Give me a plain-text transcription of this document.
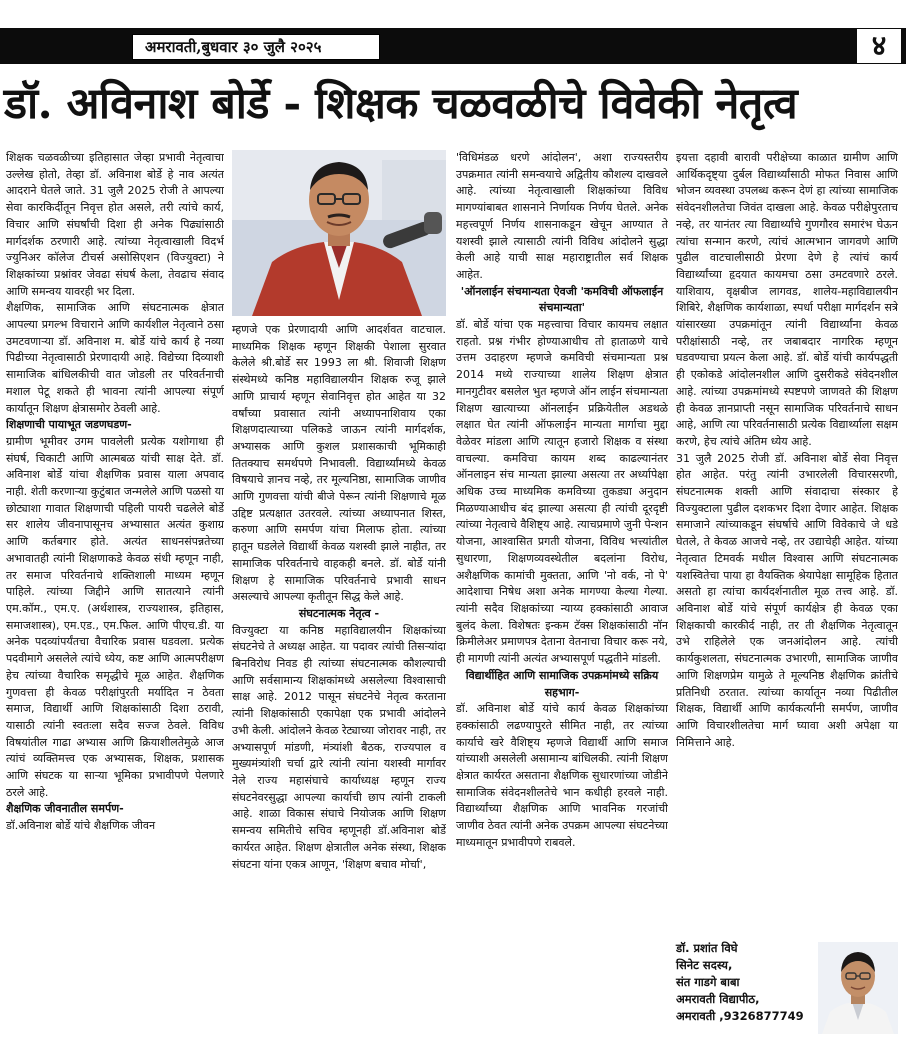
अमरावती,बुधवार ३० जुलै २०२५	४
डॉ. अविनाश बोर्डे - शिक्षक चळवळीचे विवेकी नेतृत्व

शिक्षक चळवळीच्या इतिहासात जेव्हा प्रभावी नेतृत्वाचा उल्लेख होतो, तेव्हा डॉ. अविनाश बोर्डे हे नाव अत्यंत आदराने घेतले जाते. 31 जुलै 2025 रोजी ते आपल्या सेवा कारकिर्दीतून निवृत्त होत असले, तरी त्यांचे कार्य, विचार आणि संघर्षांची दिशा ही अनेक पिढ्यांसाठी मार्गदर्शक ठरणारी आहे. त्यांच्या नेतृत्वाखाली विदर्भ ज्युनिअर कॉलेज टीचर्स असोसिएशन (विज्युक्टा) ने शिक्षकांच्या प्रश्नांवर जेवढा संघर्ष केला, तेवढाच संवाद आणि समन्वय यावरही भर दिला.

शैक्षणिक, सामाजिक आणि संघटनात्मक क्षेत्रात आपल्या प्रगल्भ विचाराने आणि कार्यशील नेतृत्वाने ठसा उमटवणाऱ्या डॉ. अविनाश म. बोर्डे यांचे कार्य हे नव्या पिढीच्या नेतृत्वासाठी प्रेरणादायी आहे. विद्येच्या दिव्याशी सामाजिक बांधिलकीची वात जोडली तर परिवर्तनाची मशाल पेटू शकते ही भावना त्यांनी आपल्या संपूर्ण कार्यातून शिक्षण क्षेत्रासमोर ठेवली आहे.

शिक्षणाची पायाभूत जडणघडण-

ग्रामीण भूमीवर उगम पावलेली प्रत्येक यशोगाथा ही संघर्ष, चिकाटी आणि आत्मबळ यांची साक्ष देते. डॉ. अविनाश बोर्डे यांचा शैक्षणिक प्रवास याला अपवाद नाही. शेती करणाऱ्या कुटुंबात जन्मलेले आणि पळसो या छोट्याशा गावात शिक्षणाची पहिली पायरी चढलेले बोर्डे सर शालेय जीवनापासूनच अभ्यासात अत्यंत कुशाग्र आणि कर्तबगार होते. अत्यंत साधनसंपन्नतेच्या अभावातही त्यांनी शिक्षणाकडे केवळ संधी म्हणून नाही, तर समाज परिवर्तनाचे शक्तिशाली माध्यम म्हणून पाहिले. त्यांच्या जिद्दीने आणि सातत्याने त्यांनी एम.कॉम., एम.ए. (अर्थशास्त्र, राज्यशास्त्र, इतिहास, समाजशास्त्र), एम.एड., एम.फिल. आणि पीएच.डी. या अनेक पदव्यांपर्यंतचा वैचारिक प्रवास घडवला. प्रत्येक पदवीमागे असलेले त्यांचे ध्येय, कष्ट आणि आत्मपरीक्षण हेच त्यांच्या वैचारिक समृद्धीचे मूळ आहेत. शैक्षणिक गुणवत्ता ही केवळ परीक्षांपुरती मर्यादित न ठेवता समाज, विद्यार्थी आणि शिक्षकांसाठी दिशा ठरावी, यासाठी त्यांनी स्वतःला सदैव सज्ज ठेवले. विविध विषयांतील गाढा अभ्यास आणि क्रियाशीलतेमुळे आज त्यांचं व्यक्तिमत्त्व एक अभ्यासक, शिक्षक, प्रशासक आणि संघटक या साऱ्या भूमिका प्रभावीपणे पेलणारे ठरले आहे.

शैक्षणिक जीवनातील समर्पण-

डॉ.अविनाश बोर्डे यांचे शैक्षणिक जीवन

म्हणजे एक प्रेरणादायी आणि आदर्शवत वाटचाल. माध्यमिक शिक्षक म्हणून शिक्षकी पेशाला सुरवात केलेले श्री.बोर्डे सर 1993 ला श्री. शिवाजी शिक्षण संस्थेमध्ये कनिष्ठ महाविद्यालयीन शिक्षक रुजू झाले आणि प्राचार्य म्हणून सेवानिवृत्त होत आहेत या 32 वर्षांच्या प्रवासात त्यांनी अध्यापनाशिवाय एका शिक्षणदात्याच्या पलिकडे जाऊन त्यांनी मार्गदर्शक, अभ्यासक आणि कुशल प्रशासकाची भूमिकाही तितक्याच समर्थपणे निभावली. विद्यार्थ्यांमध्ये केवळ विषयाचे ज्ञानच नव्हे, तर मूल्यनिष्ठा, सामाजिक जाणीव आणि गुणवत्ता यांची बीजे पेरून त्यांनी शिक्षणाचे मूळ उद्दिष्ट प्रत्यक्षात उतरवले. त्यांच्या अध्यापनात शिस्त, करुणा आणि समर्पण यांचा मिलाफ होता. त्यांच्या हातून घडलेले विद्यार्थी केवळ यशस्वी झाले नाहीत, तर सामाजिक परिवर्तनाचे वाहकही बनले. डॉ. बोर्डे यांनी शिक्षण हे सामाजिक परिवर्तनाचे प्रभावी साधन असल्याचे आपल्या कृतीतून सिद्ध केले आहे.

संघटनात्मक नेतृत्व -

विज्युक्टा या कनिष्ठ महाविद्यालयीन शिक्षकांच्या संघटनेचे ते अध्यक्ष आहेत. या पदावर त्यांची तिसऱ्यांदा बिनविरोध निवड ही त्यांच्या संघटनात्मक कौशल्याची आणि सर्वसामान्य शिक्षकांमध्ये असलेल्या विश्वासाची साक्ष आहे. 2012 पासून संघटनेचे नेतृत्व करताना त्यांनी शिक्षकांसाठी एकापेक्षा एक प्रभावी आंदोलने उभी केली. आंदोलने केवळ रेट्याच्या जोरावर नाही, तर अभ्यासपूर्ण मांडणी, मंत्र्यांशी बैठक, राज्यपाल व मुख्यमंत्र्यांशी चर्चा द्वारे त्यांनी त्यांना यशस्वी मार्गावर नेले राज्य महासंघाचे कार्याध्यक्ष म्हणून राज्य संघटनेवरसुद्धा आपल्या कार्याची छाप त्यांनी टाकली आहे. शाळा विकास संघाचे नियोजक आणि शिक्षण समन्वय समितीचे सचिव म्हणूनही डॉ.अविनाश बोर्डे कार्यरत आहेत. शिक्षण क्षेत्रातील अनेक संस्था, शिक्षक संघटना यांना एकत्र आणून, 'शिक्षण बचाव मोर्चा',

'विधिमंडळ धरणे आंदोलन', अशा राज्यस्तरीय उपक्रमात त्यांनी समन्वयाचे अद्वितीय कौशल्य दाखवले आहे. त्यांच्या नेतृत्वाखाली शिक्षकांच्या विविध मागण्यांबाबत शासनाने निर्णायक निर्णय घेतले. अनेक महत्त्वपूर्ण निर्णय शासनाकडून खेचून आण्यात ते यशस्वी झाले त्यासाठी त्यांनी विविध आंदोलने सुद्धा केली आहे याची साक्ष महाराष्ट्रातील सर्व शिक्षक आहेत.

'ऑनलाईन संचमान्यता ऐवजी 'कमविची ऑफलाईन संचमान्यता'

डॉ. बोर्डे यांचा एक महत्त्वाचा विचार कायमच लक्षात राहतो. प्रश्न गंभीर होण्याआधीच तो हाताळणे याचे उत्तम उदाहरण म्हणजे कमविची संचमान्यता प्रश्न 2014 मध्ये राज्याच्या शालेय शिक्षण क्षेत्रात मानगुटीवर बसलेल भुत म्हणजे ऑन लाईन संचमान्यता शिक्षण खात्याच्या ऑनलाईन प्रक्रियेतील अडथळे लक्षात घेत त्यांनी ऑफलाईन मान्यता मार्गाचा मुद्दा वेळेवर मांडला आणि त्यातून हजारो शिक्षक व संस्था वाचल्या. कमविचा कायम शब्द काढल्यानंतर ऑनलाइन संच मान्यता झाल्या असत्या तर अर्ध्यापेक्षा अधिक उच्च माध्यमिक कमविच्या तुकड्या अनुदान मिळण्याआधीच बंद झाल्या असत्या ही त्यांची दूरदृष्टी त्यांच्या नेतृत्वाचे वैशिष्ट्य आहे. त्याचप्रमाणे जुनी पेन्शन योजना, आश्वासित प्रगती योजना, विविध भत्त्यांतील सुधारणा, शिक्षणव्यवस्थेतील बदलांना विरोध, अशैक्षणिक कामांची मुक्तता, आणि 'नो वर्क, नो पे' आदेशाचा निषेध अशा अनेक मागण्या केल्या गेल्या. त्यांनी सदैव शिक्षकांच्या न्याय्य हक्कांसाठी आवाज बुलंद केला. विशेषतः इन्कम टॅक्स शिक्षकांसाठी नॉन क्रिमीलेअर प्रमाणपत्र देताना वेतनाचा विचार करू नये, ही मागणी त्यांनी अत्यंत अभ्यासपूर्ण पद्धतीने मांडली.

विद्यार्थीहित आणि सामाजिक उपक्रमांमध्ये सक्रिय सहभाग-

डॉ. अविनाश बोर्डे यांचे कार्य केवळ शिक्षकांच्या हक्कांसाठी लढण्यापुरते सीमित नाही, तर त्यांच्या कार्याचे खरे वैशिष्ट्य म्हणजे विद्यार्थी आणि समाज यांच्याशी असलेली असामान्य बांधिलकी. त्यांनी शिक्षण क्षेत्रात कार्यरत असताना शैक्षणिक सुधारणांच्या जोडीने सामाजिक संवेदनशीलतेचे भान कधीही हरवले नाही. विद्यार्थ्यांच्या शैक्षणिक आणि भावनिक गरजांची जाणीव ठेवत त्यांनी अनेक उपक्रम आपल्या संघटनेच्या माध्यमातून प्रभावीपणे राबवले.

इयत्ता दहावी बारावी परीक्षेच्या काळात ग्रामीण आणि आर्थिकदृष्ट्या दुर्बल विद्यार्थ्यांसाठी मोफत निवास आणि भोजन व्यवस्था उपलब्ध करून देणं हा त्यांच्या सामाजिक संवेदनशीलतेचा जिवंत दाखला आहे. केवळ परीक्षेपुरताच नव्हे, तर यानंतर त्या विद्यार्थ्यांचे गुणगौरव समारंभ घेऊन त्यांचा सन्मान करणे, त्यांचं आत्मभान जागवणे आणि पुढील वाटचालीसाठी प्रेरणा देणे हे त्यांचं कार्य विद्यार्थ्यांच्या हृदयात कायमचा ठसा उमटवणारे ठरले. याशिवाय, वृक्षबीज लागवड, शालेय-महाविद्यालयीन शिबिरे, शैक्षणिक कार्यशाळा, स्पर्धा परीक्षा मार्गदर्शन सत्रे यांसारख्या उपक्रमांतून त्यांनी विद्यार्थ्यांना केवळ परीक्षांसाठी नव्हे, तर जबाबदार नागरिक म्हणून घडवण्याचा प्रयत्न केला आहे. डॉ. बोर्डे यांची कार्यपद्धती ही एकोकडे आंदोलनशील आणि दुसरीकडे संवेदनशील आहे. त्यांच्या उपक्रमांमध्ये स्पष्टपणे जाणवते की शिक्षण ही केवळ ज्ञानप्राप्ती नसून सामाजिक परिवर्तनाचे साधन आहे, आणि त्या परिवर्तनासाठी प्रत्येक विद्यार्थ्याला सक्षम करणे, हेच त्यांचे अंतिम ध्येय आहे.

31 जुलै 2025 रोजी डॉ. अविनाश बोर्डे सेवा निवृत्त होत आहेत. परंतु त्यांनी उभारलेली विचारसरणी, संघटनात्मक शक्ती आणि संवादाचा संस्कार हे विज्युक्टाला पुढील दशकभर दिशा देणार आहेत. शिक्षक समाजाने त्यांच्याकडून संघर्षाचे आणि विवेकाचे जे धडे घेतले, ते केवळ आजचे नव्हे, तर उद्याचेही आहेत. यांच्या नेतृत्वात टिमवर्क मधील विश्वास आणि संघटनात्मक यशस्वितेचा पाया हा वैयक्तिक श्रेयापेक्षा सामूहिक हितात असतो हा त्यांचा कार्यदर्शनातील मूळ तत्त्व आहे. डॉ. अविनाश बोर्डे यांचे संपूर्ण कार्यक्षेत्र ही केवळ एका शिक्षकाची कारकीर्द नाही, तर ती शैक्षणिक नेतृत्वातून उभे राहिलेले एक जनआंदोलन आहे. त्यांची कार्यकुशलता, संघटनात्मक उभारणी, सामाजिक जाणीव आणि शिक्षणप्रेम यामुळे ते मूल्यनिष्ठ शैक्षणिक क्रांतीचे प्रतिनिधी ठरतात. त्यांच्या कार्यातून नव्या पिढीतील शिक्षक, विद्यार्थी आणि कार्यकर्त्यांनी समर्पण, जाणीव आणि विचारशीलतेचा मार्ग घ्यावा अशी अपेक्षा या निमित्ताने आहे.

डॉ. प्रशांत विघे
सिनेट सदस्य,
संत गाडगे बाबा
अमरावती विद्यापीठ,
अमरावती ,9326877749
